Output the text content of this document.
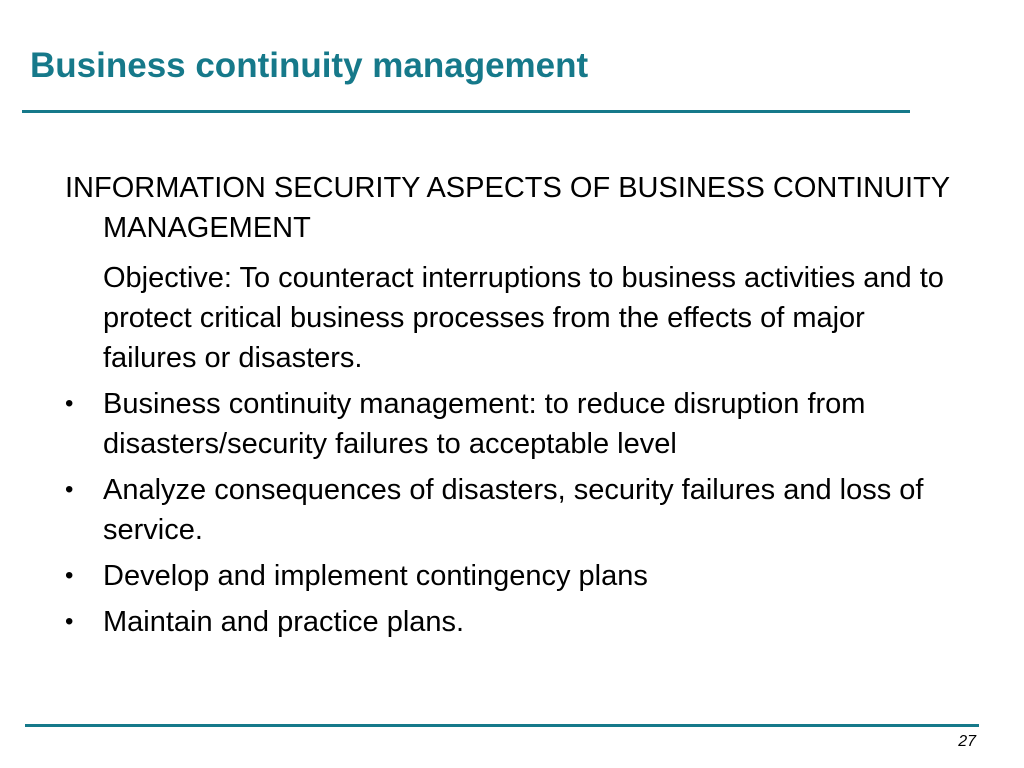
Business continuity management

INFORMATION SECURITY ASPECTS OF BUSINESS CONTINUITY MANAGEMENT

Objective: To counteract interruptions to business activities and to protect critical business processes from the effects of major failures or disasters.

• Business continuity management: to reduce disruption from disasters/security failures to acceptable level
• Analyze consequences of disasters, security failures and loss of service.
• Develop and implement contingency plans
• Maintain and practice plans.
27
